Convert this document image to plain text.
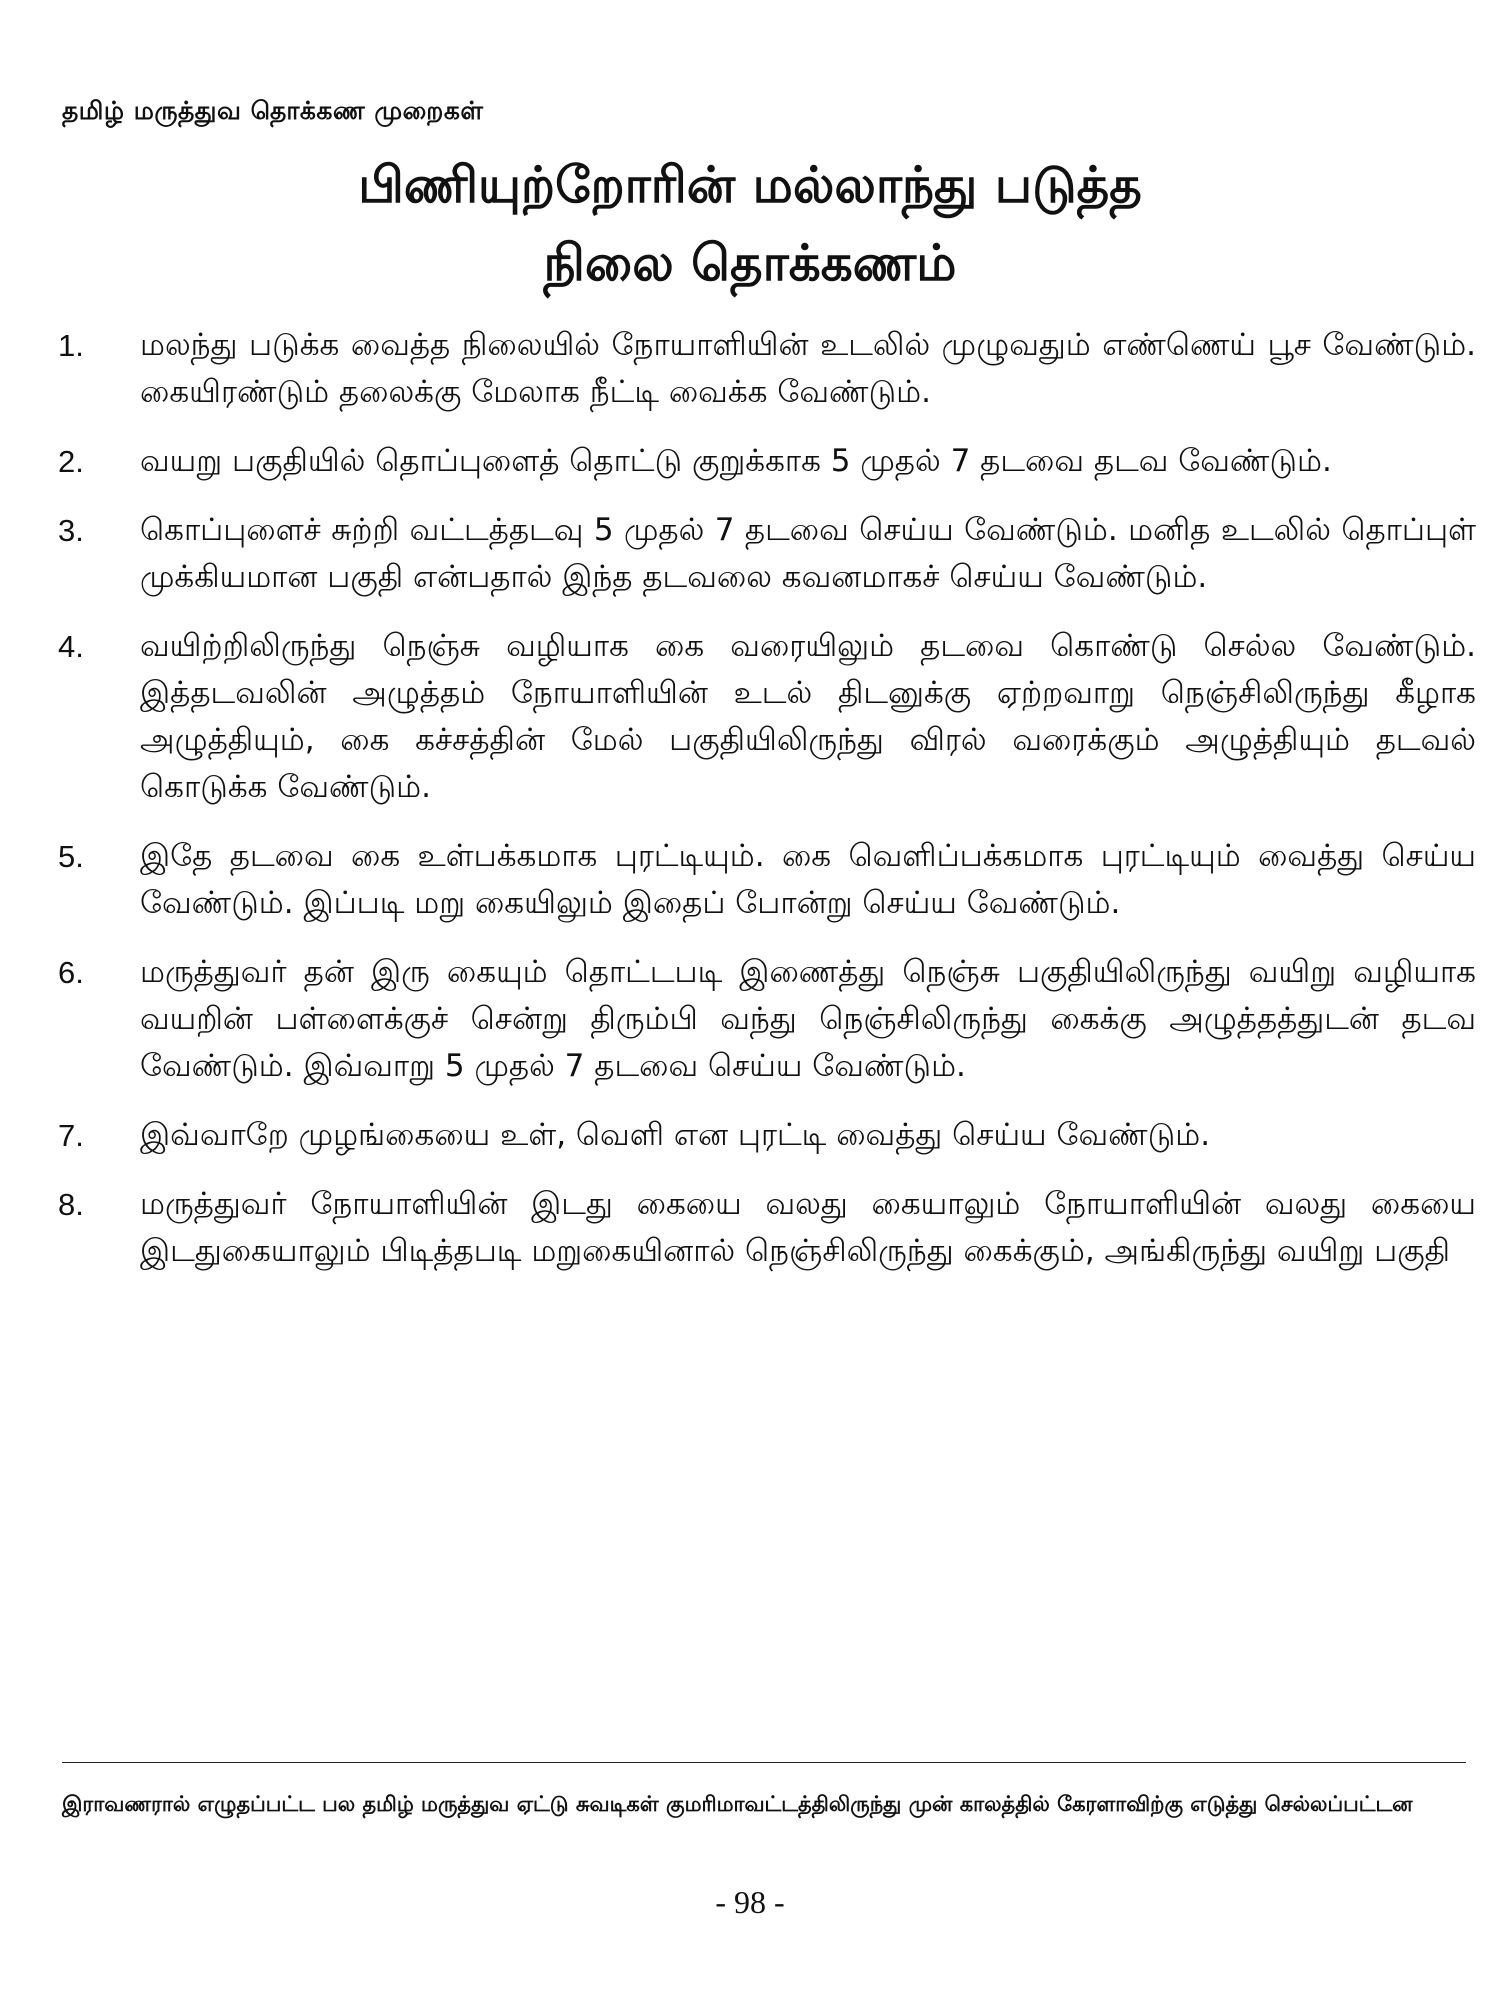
தமிழ் மருத்துவ தொக்கண முறைகள்
பிணியுற்றோரின் மல்லாந்து படுத்த
நிலை தொக்கணம்
1.	மலந்து படுக்க வைத்த நிலையில் நோயாளியின் உடலில் முழுவதும் எண்ணெய் பூச வேண்டும். கையிரண்டும் தலைக்கு மேலாக நீட்டி வைக்க வேண்டும்.
2.	வயறு பகுதியில் தொப்புளைத் தொட்டு குறுக்காக 5 முதல் 7 தடவை தடவ வேண்டும்.
3.	கொப்புளைச் சுற்றி வட்டத்தடவு 5 முதல் 7 தடவை செய்ய வேண்டும். மனித உடலில் தொப்புள் முக்கியமான பகுதி என்பதால் இந்த தடவலை கவனமாகச் செய்ய வேண்டும்.
4.	வயிற்றிலிருந்து நெஞ்சு வழியாக கை வரையிலும் தடவை கொண்டு செல்ல வேண்டும். இத்தடவலின் அழுத்தம் நோயாளியின் உடல் திடனுக்கு ஏற்றவாறு நெஞ்சிலிருந்து கீழாக அழுத்தியும், கை கச்சத்தின் மேல் பகுதியிலிருந்து விரல் வரைக்கும் அழுத்தியும் தடவல் கொடுக்க வேண்டும்.
5.	இதே தடவை கை உள்பக்கமாக புரட்டியும். கை வெளிப்பக்கமாக புரட்டியும் வைத்து செய்ய வேண்டும். இப்படி மறு கையிலும் இதைப் போன்று செய்ய வேண்டும்.
6.	மருத்துவர் தன் இரு கையும் தொட்டபடி இணைத்து நெஞ்சு பகுதியிலிருந்து வயிறு வழியாக வயறின் பள்ளைக்குச் சென்று திரும்பி வந்து நெஞ்சிலிருந்து கைக்கு அழுத்தத்துடன் தடவ வேண்டும். இவ்வாறு 5 முதல் 7 தடவை செய்ய வேண்டும்.
7.	இவ்வாறே முழங்கையை உள், வெளி என புரட்டி வைத்து செய்ய வேண்டும்.
8.	மருத்துவர் நோயாளியின் இடது கையை வலது கையாலும் நோயாளியின் வலது கையை இடதுகையாலும் பிடித்தபடி மறுகையினால் நெஞ்சிலிருந்து கைக்கும், அங்கிருந்து வயிறு பகுதி
இராவணரால் எழுதப்பட்ட பல தமிழ் மருத்துவ ஏட்டு சுவடிகள் குமரிமாவட்டத்திலிருந்து முன் காலத்தில் கேரளாவிற்கு எடுத்து செல்லப்பட்டன
- 98 -
